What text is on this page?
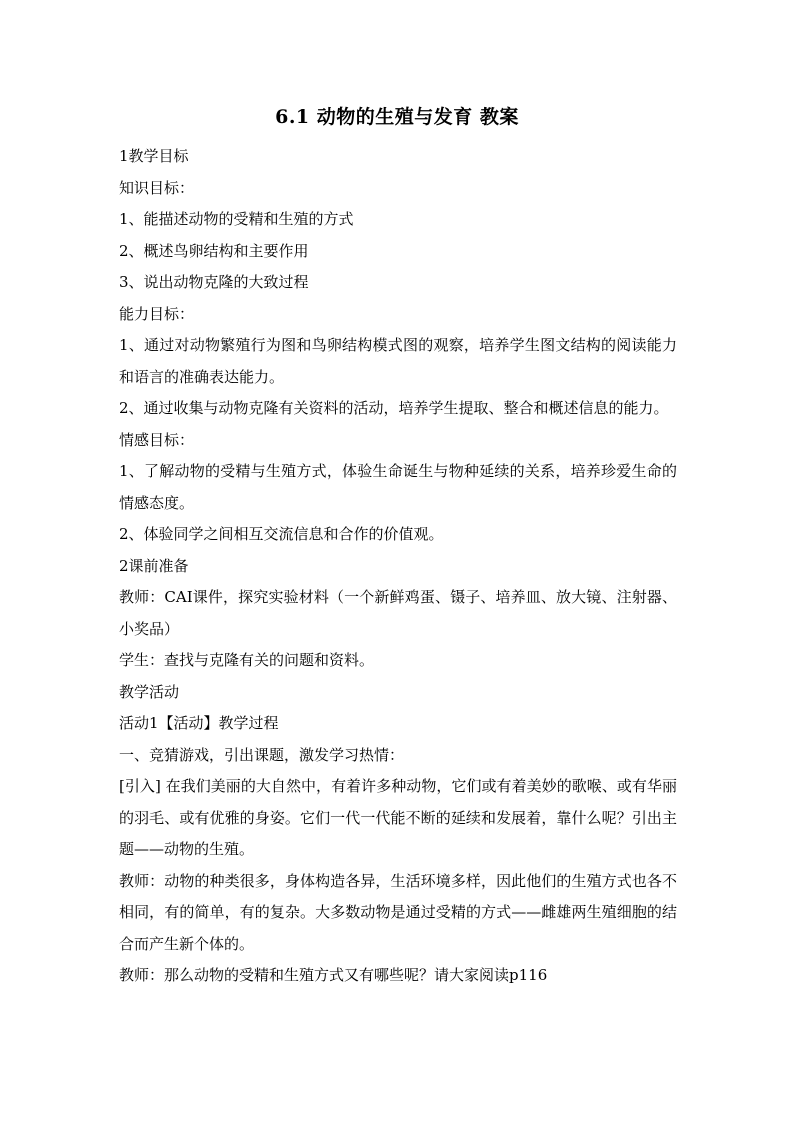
6.1 动物的生殖与发育 教案

1教学目标

知识目标：

1、能描述动物的受精和生殖的方式

2、概述鸟卵结构和主要作用

3、说出动物克隆的大致过程

能力目标：

1、通过对动物繁殖行为图和鸟卵结构模式图的观察，培养学生图文结构的阅读能力和语言的准确表达能力。

2、通过收集与动物克隆有关资料的活动，培养学生提取、整合和概述信息的能力。

情感目标：

1、了解动物的受精与生殖方式，体验生命诞生与物种延续的关系，培养珍爱生命的情感态度。

2、体验同学之间相互交流信息和合作的价值观。

2课前准备

教师：CAI课件，探究实验材料（一个新鲜鸡蛋、镊子、培养皿、放大镜、注射器、小奖品）

学生：查找与克隆有关的问题和资料。

教学活动

活动1【活动】教学过程

一、竞猜游戏，引出课题，激发学习热情：

[引入] 在我们美丽的大自然中，有着许多种动物，它们或有着美妙的歌喉、或有华丽的羽毛、或有优雅的身姿。它们一代一代能不断的延续和发展着，靠什么呢？引出主题——动物的生殖。

教师：动物的种类很多，身体构造各异，生活环境多样，因此他们的生殖方式也各不相同，有的简单，有的复杂。大多数动物是通过受精的方式——雌雄两生殖细胞的结合而产生新个体的。

教师：那么动物的受精和生殖方式又有哪些呢？请大家阅读p116
